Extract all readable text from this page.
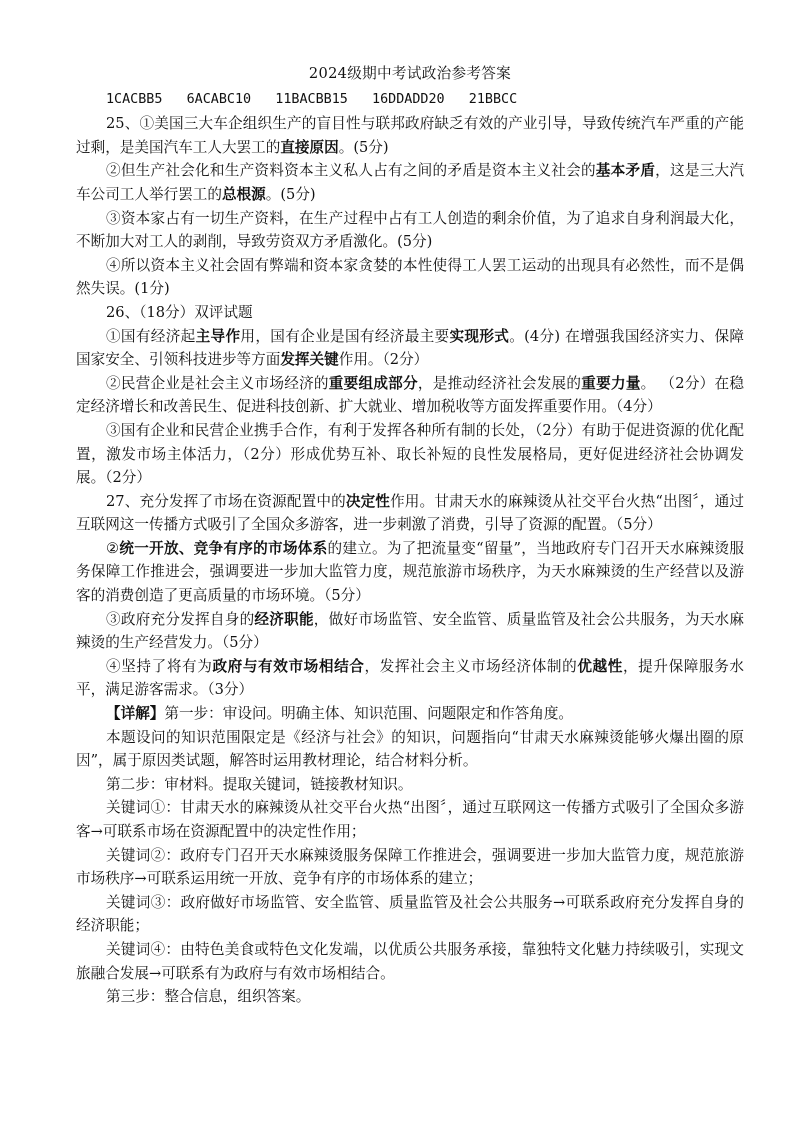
2024级期中考试政治参考答案
1CACBB5   6ACABC10   11BACBB15   16DDADD20   21BBCC

25、①美国三大车企组织生产的盲目性与联邦政府缺乏有效的产业引导，导致传统汽车严重的产能过剩，是美国汽车工人大罢工的直接原因。(5分)

②但生产社会化和生产资料资本主义私人占有之间的矛盾是资本主义社会的基本矛盾，这是三大汽车公司工人举行罢工的总根源。(5分)

③资本家占有一切生产资料，在生产过程中占有工人创造的剩余价值，为了追求自身利润最大化，不断加大对工人的剥削，导致劳资双方矛盾激化。(5分)

④所以资本主义社会固有弊端和资本家贪婪的本性使得工人罢工运动的出现具有必然性，而不是偶然失误。(1分)

26、（18分）双评试题

①国有经济起主导作用，国有企业是国有经济最主要实现形式。(4分) 在增强我国经济实力、保障国家安全、引领科技进步等方面发挥关键作用。（2分）

②民营企业是社会主义市场经济的重要组成部分，是推动经济社会发展的重要力量。 （2分）在稳定经济增长和改善民生、促进科技创新、扩大就业、增加税收等方面发挥重要作用。（4分）

③国有企业和民营企业携手合作，有利于发挥各种所有制的长处，（2分）有助于促进资源的优化配置，激发市场主体活力，（2分）形成优势互补、取长补短的良性发展格局，更好促进经济社会协调发展。（2分）

27、充分发挥了市场在资源配置中的决定性作用。甘肃天水的麻辣烫从社交平台火热“出图〞，通过互联网这一传播方式吸引了全国众多游客，进一步刺激了消费，引导了资源的配置。（5分）

②统一开放、竞争有序的市场体系的建立。为了把流量变“留量”，当地政府专门召开天水麻辣烫服务保障工作推进会，强调要进一步加大监管力度，规范旅游市场秩序，为天水麻辣烫的生产经营以及游客的消费创造了更高质量的市场环境。（5分）

③政府充分发挥自身的经济职能，做好市场监管、安全监管、质量监管及社会公共服务，为天水麻辣烫的生产经营发力。（5分）

④坚持了将有为政府与有效市场相结合，发挥社会主义市场经济体制的优越性，提升保障服务水平，满足游客需求。（3分）

【详解】第一步：审设问。明确主体、知识范围、问题限定和作答角度。

本题设问的知识范围限定是《经济与社会》的知识，问题指向“甘肃天水麻辣烫能够火爆出圈的原因”，属于原因类试题，解答时运用教材理论，结合材料分析。

第二步：审材料。提取关键词，链接教材知识。

关键词①：甘肃天水的麻辣烫从社交平台火热“出图〞，通过互联网这一传播方式吸引了全国众多游客→可联系市场在资源配置中的决定性作用；

关键词②：政府专门召开天水麻辣烫服务保障工作推进会，强调要进一步加大监管力度，规范旅游市场秩序→可联系运用统一开放、竞争有序的市场体系的建立；

关键词③：政府做好市场监管、安全监管、质量监管及社会公共服务→可联系政府充分发挥自身的经济职能；

关键词④：由特色美食或特色文化发端，以优质公共服务承接，靠独特文化魅力持续吸引，实现文旅融合发展→可联系有为政府与有效市场相结合。

第三步：整合信息，组织答案。
